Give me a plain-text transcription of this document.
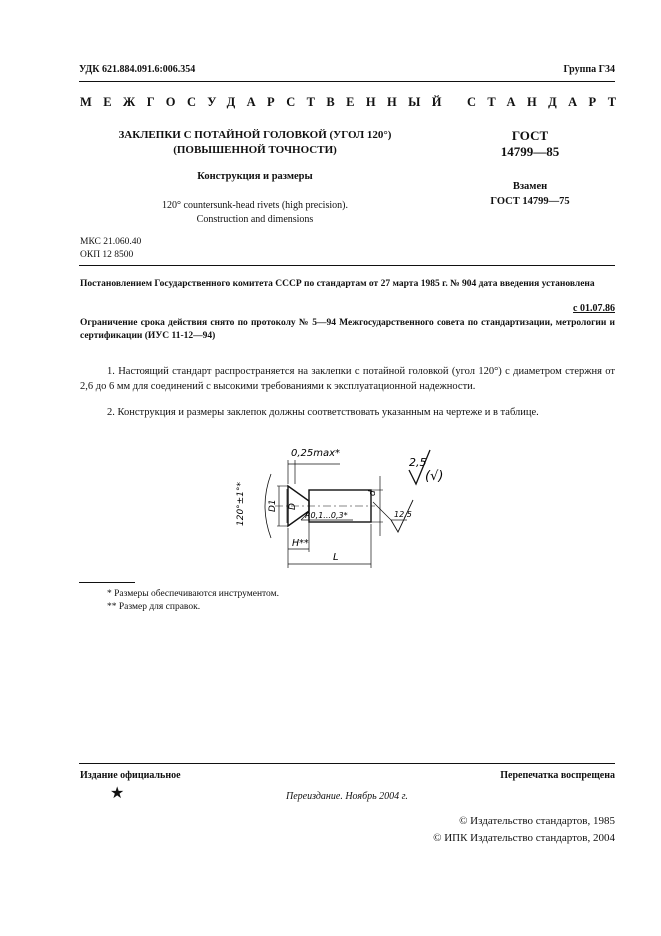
УДК 621.884.091.6:006.354	Группа Г34
МЕЖГОСУДАРСТВЕННЫЙ СТАНДАРТ
ЗАКЛЕПКИ С ПОТАЙНОЙ ГОЛОВКОЙ (УГОЛ 120°)
(ПОВЫШЕННОЙ ТОЧНОСТИ)
Конструкция и размеры
120° countersunk-head rivets (high precision).
Construction and dimensions
ГОСТ
14799—85
Взамен
ГОСТ 14799—75
МКС 21.060.40
ОКП 12 8500
Постановлением Государственного комитета СССР по стандартам от 27 марта 1985 г. № 904 дата введения установлена
с 01.07.86
Ограничение срока действия снято по протоколу № 5—94 Межгосударственного совета по стандартизации, метрологии и сертификации (ИУС 11-12—94)
1. Настоящий стандарт распространяется на заклепки с потайной головкой (угол 120°) с диаметром стержня от 2,6 до 6 мм для соединений с высокими требованиями к эксплуатационной надежности.
2. Конструкция и размеры заклепок должны соответствовать указанным на чертеже и в таблице.
0,25max*
120°±1°* D1 D
d
R0,1...0,3*
H**
L
12,5
2,5
(√)
* Размеры обеспечиваются инструментом.
** Размер для справок.
Издание официальное	Перепечатка воспрещена
★	Переиздание. Ноябрь 2004 г.
© Издательство стандартов, 1985
© ИПК Издательство стандартов, 2004
